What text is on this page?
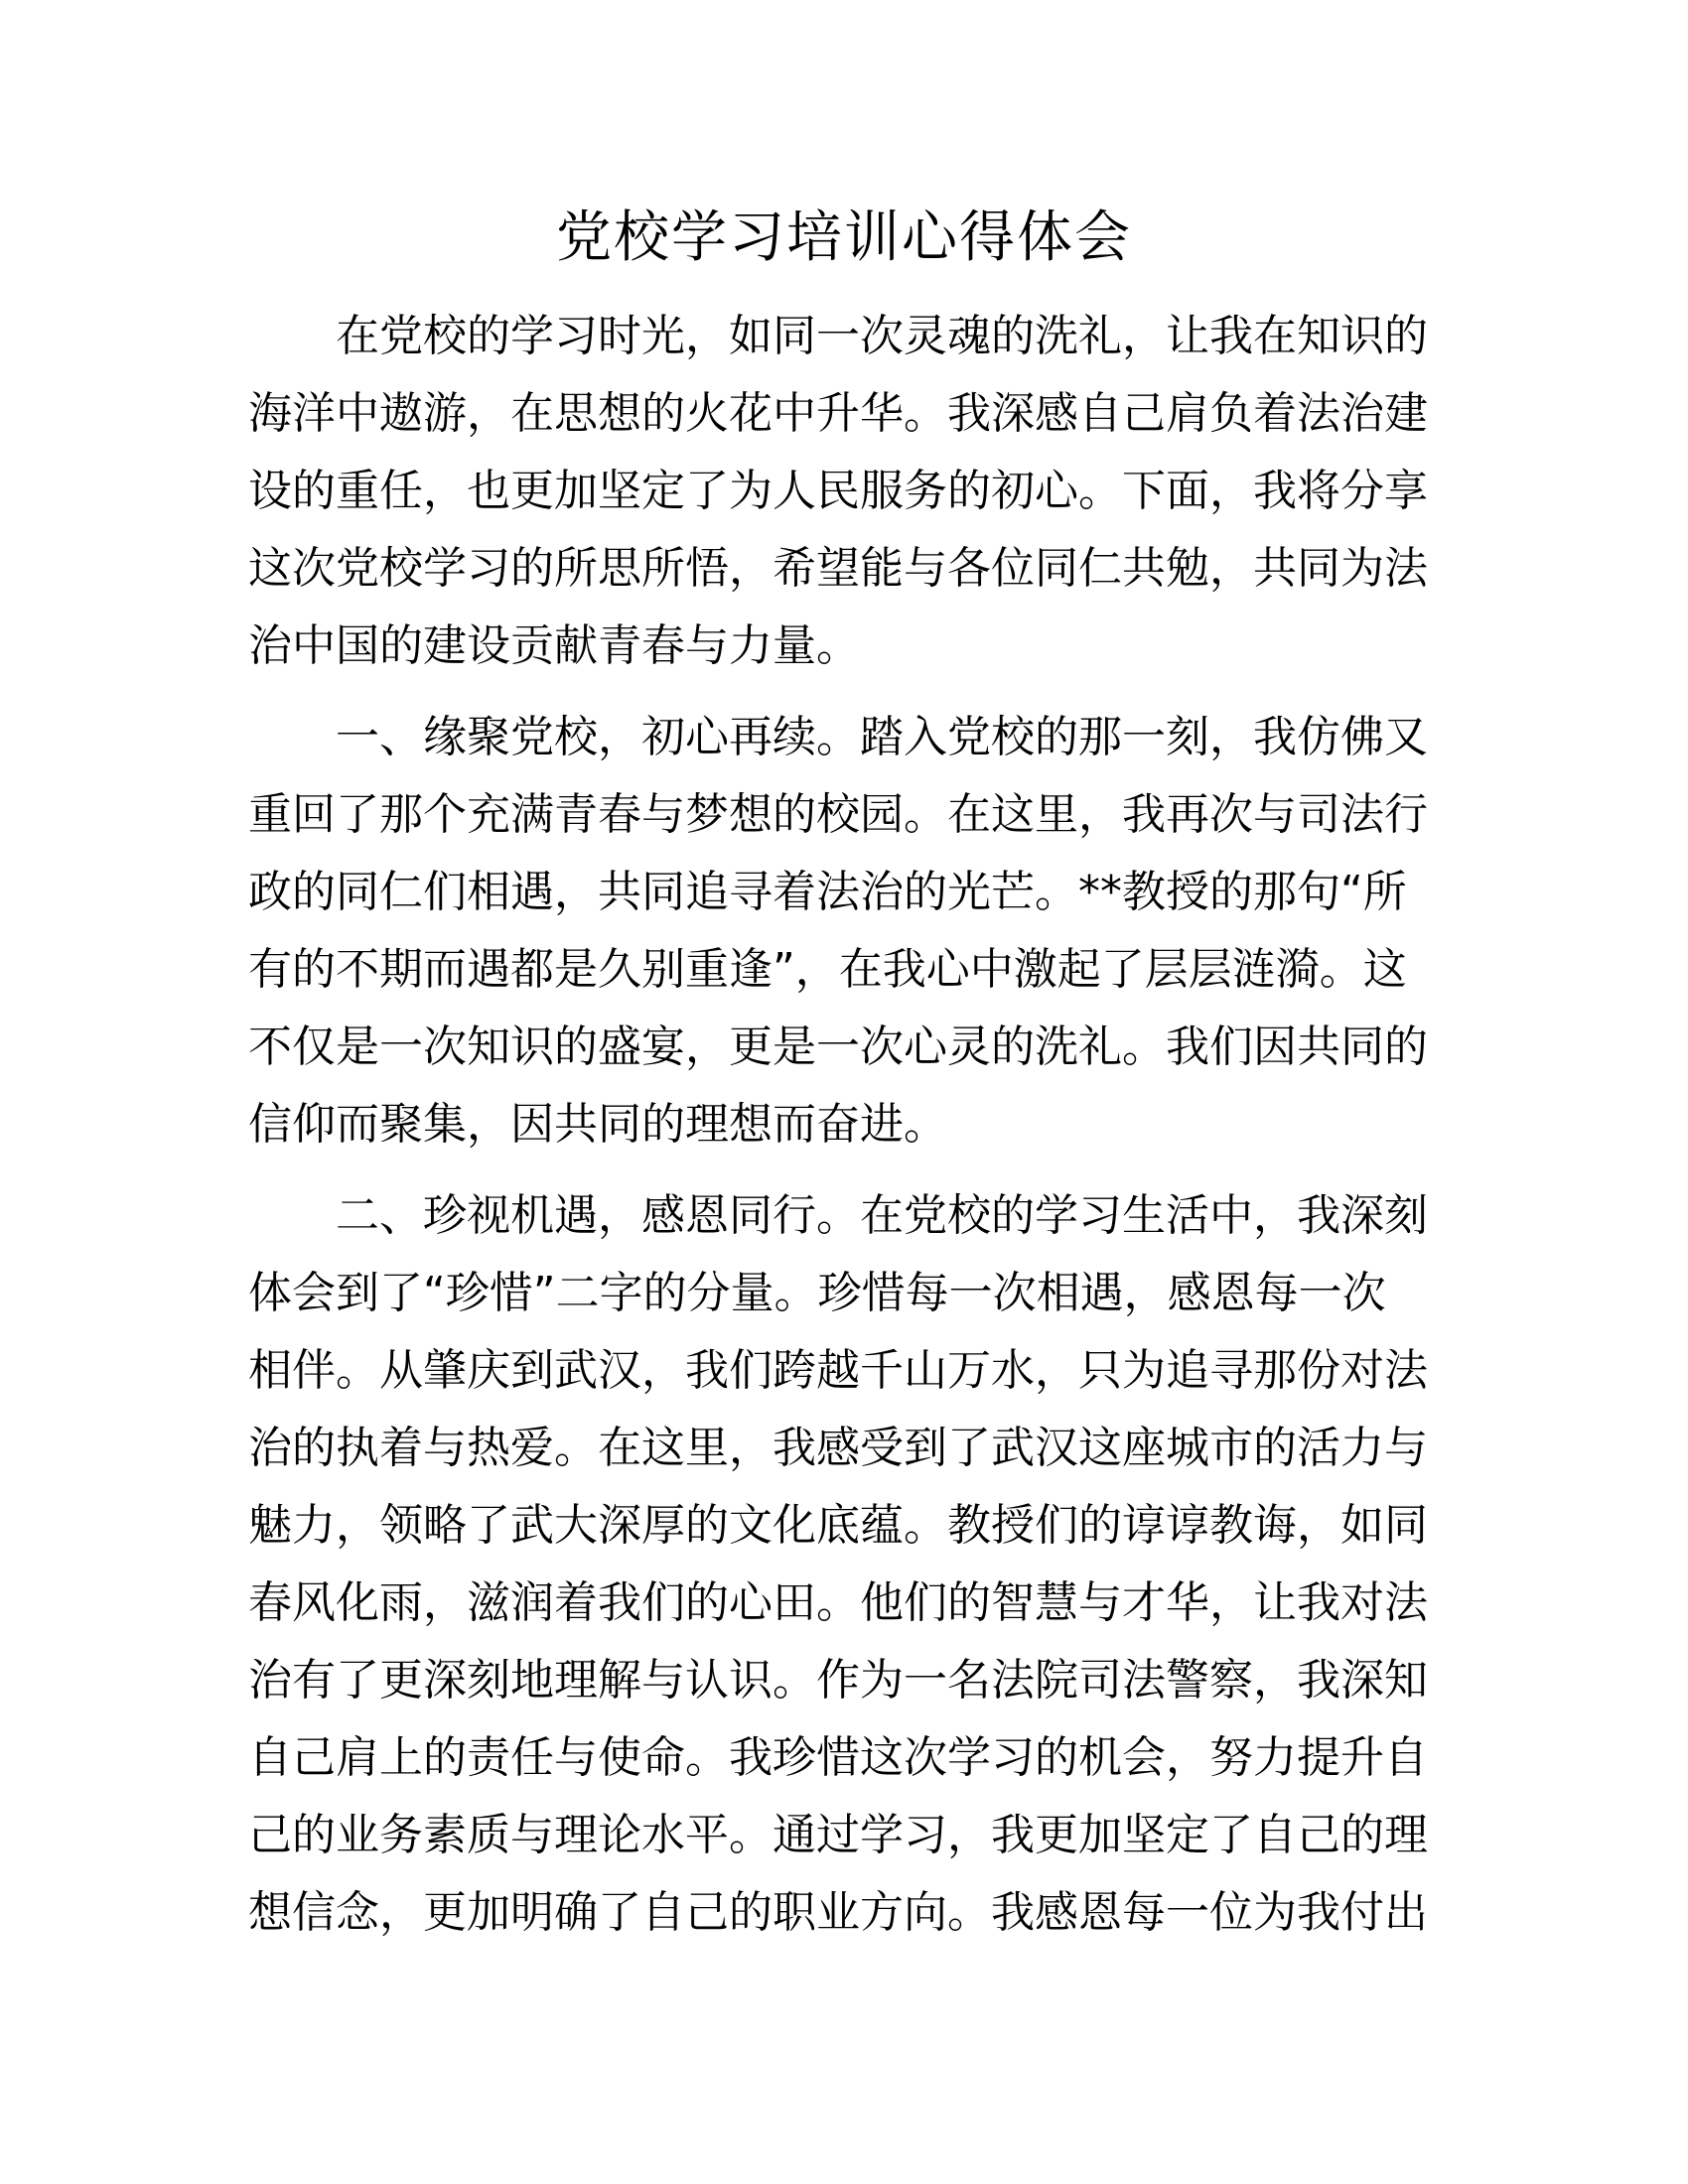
党校学习培训心得体会
在党校的学习时光，如同一次灵魂的洗礼，让我在知识的
海洋中遨游，在思想的火花中升华。我深感自己肩负着法治建
设的重任，也更加坚定了为人民服务的初心。下面，我将分享
这次党校学习的所思所悟，希望能与各位同仁共勉，共同为法
治中国的建设贡献青春与力量。
一、缘聚党校，初心再续。踏入党校的那一刻，我仿佛又
重回了那个充满青春与梦想的校园。在这里，我再次与司法行
政的同仁们相遇，共同追寻着法治的光芒。**教授的那句“所
有的不期而遇都是久别重逢”，在我心中激起了层层涟漪。这
不仅是一次知识的盛宴，更是一次心灵的洗礼。我们因共同的
信仰而聚集，因共同的理想而奋进。
二、珍视机遇，感恩同行。在党校的学习生活中，我深刻
体会到了“珍惜”二字的分量。珍惜每一次相遇，感恩每一次
相伴。从肇庆到武汉，我们跨越千山万水，只为追寻那份对法
治的执着与热爱。在这里，我感受到了武汉这座城市的活力与
魅力，领略了武大深厚的文化底蕴。教授们的谆谆教诲，如同
春风化雨，滋润着我们的心田。他们的智慧与才华，让我对法
治有了更深刻地理解与认识。作为一名法院司法警察，我深知
自己肩上的责任与使命。我珍惜这次学习的机会，努力提升自
己的业务素质与理论水平。通过学习，我更加坚定了自己的理
想信念，更加明确了自己的职业方向。我感恩每一位为我付出
